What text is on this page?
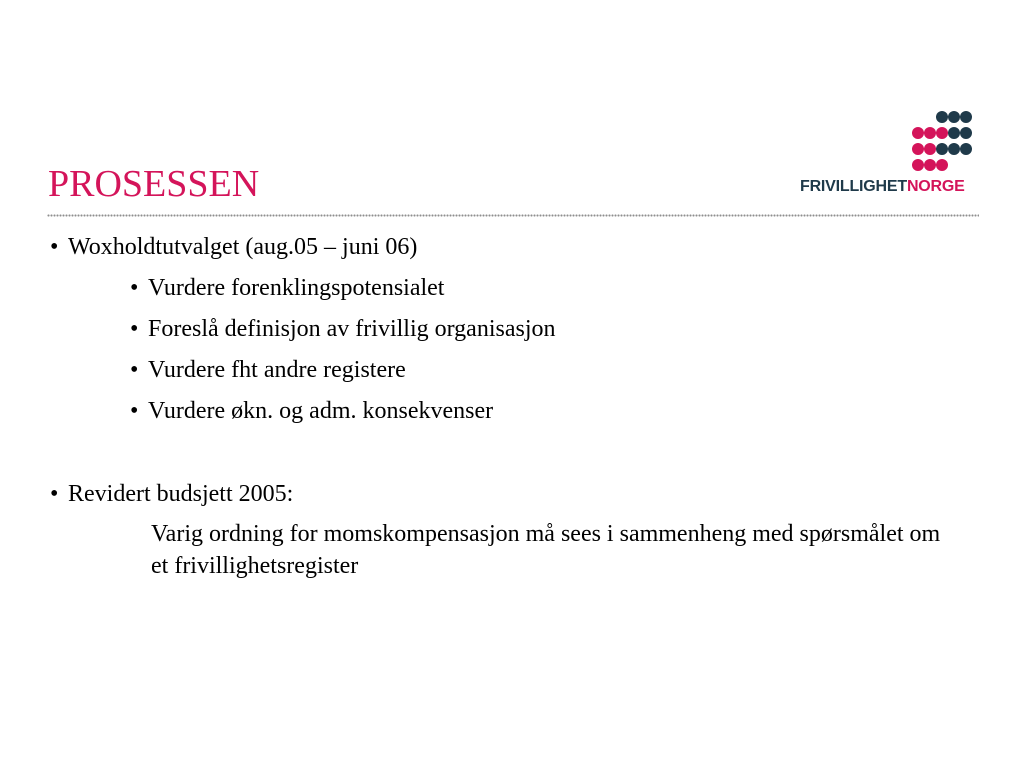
PROSESSEN	FRIVILLIGHETNORGE
• Woxholdtutvalget (aug.05 – juni 06)
• Vurdere forenklingspotensialet
• Foreslå definisjon av frivillig organisasjon
• Vurdere fht andre registere
• Vurdere økn. og adm. konsekvenser
• Revidert budsjett 2005:
Varig ordning for momskompensasjon må sees i sammenheng med spørsmålet om et frivillighetsregister
